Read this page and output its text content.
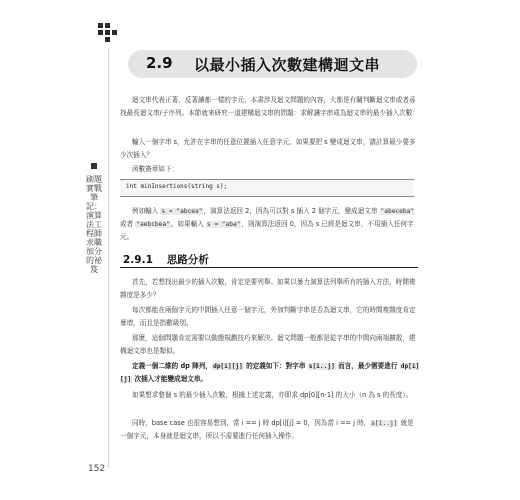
刷題實戰筆記：演算法工程師求職加分的祕笈
2.9 以最小插入次數建構迴文串
迴文串代表正著、反著讀都一樣的字元，本書涉及迴文問題的內容，大都是有關判斷迴文串或者尋找最長迴文串/子序列。本節就來研究一道建構迴文串的問題：求解讓字串成為迴文串的最少插入次數：
輸入一個字串 s，允許在字串的任意位置插入任意字元。如果要把 s 變成迴文串，請計算最少要多少次插入？
函數簽章如下：
int minInsertions(string s);
例如輸入 s = "abcea"，演算法返回 2，因為可以對 s 插入 2 個字元，變成迴文串 "abeceba" 或者 "aebcbea"。如果輸入 s = "aba"，則演算法返回 0，因為 s 已經是迴文串，不用插入任何字元。
2.9.1 思路分析
首先，若想找出最少的插入次數，肯定是要列舉。如果以暴力演算法列舉所有的插入方法，時間複雜度是多少？
每次都能在兩個字元的中間插入任意一個字元，外加判斷字串是否為迴文串，它的時間複雜度肯定暴增，而且是指數級別。
那麼，這個問題肯定需要以動態規劃技巧來解決。迴文問題一般都是從字串的中間向兩端擴散，建構迴文串也是類似。
定義一個二維的 dp 陣列，dp[i][j] 的定義如下：對字串 s[i..j] 而言，最少需要進行 dp[i][j] 次插入才能變成迴文串。
如果想求整個 s 的最少插入次數，根據上述定義，亦即求 dp[0][n-1] 的大小（n 為 s 的長度）。
同時，base case 也很容易想到，當 i == j 時 dp[i][j] = 0，因為當 i == j 時，s[i..j] 就是一個字元，本身就是迴文串，所以不需要進行任何插入操作。
152
